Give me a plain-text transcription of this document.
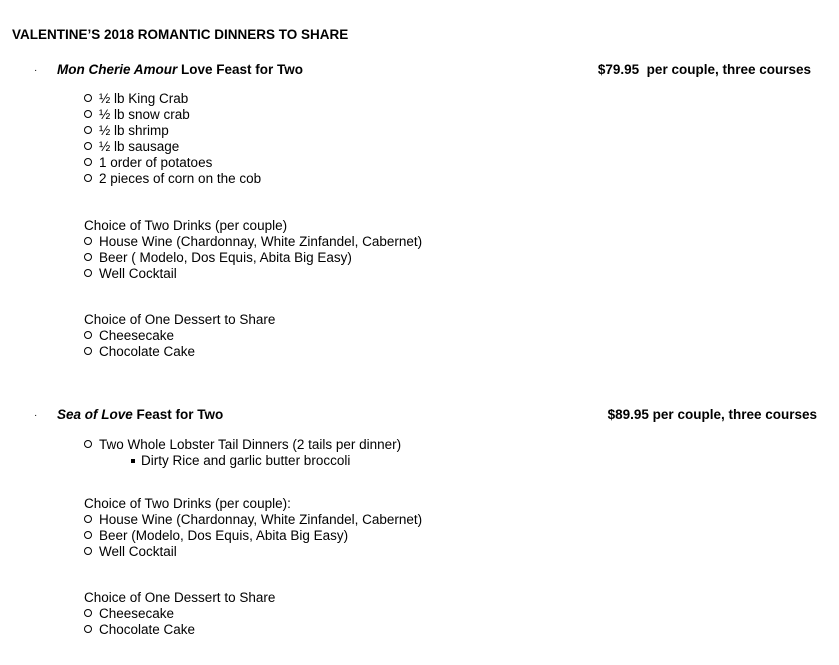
VALENTINE’S 2018 ROMANTIC DINNERS TO SHARE
· Mon Cherie Amour Love Feast for Two	$79.95  per couple, three courses
½ lb King Crab
½ lb snow crab
½ lb shrimp
½ lb sausage
1 order of potatoes
2 pieces of corn on the cob
Choice of Two Drinks (per couple)
House Wine (Chardonnay, White Zinfandel, Cabernet)
Beer ( Modelo, Dos Equis, Abita Big Easy)
Well Cocktail
Choice of One Dessert to Share
Cheesecake
Chocolate Cake
· Sea of Love Feast for Two	$89.95 per couple, three courses
Two Whole Lobster Tail Dinners (2 tails per dinner)
Dirty Rice and garlic butter broccoli
Choice of Two Drinks (per couple):
House Wine (Chardonnay, White Zinfandel, Cabernet)
Beer (Modelo, Dos Equis, Abita Big Easy)
Well Cocktail
Choice of One Dessert to Share
Cheesecake
Chocolate Cake
